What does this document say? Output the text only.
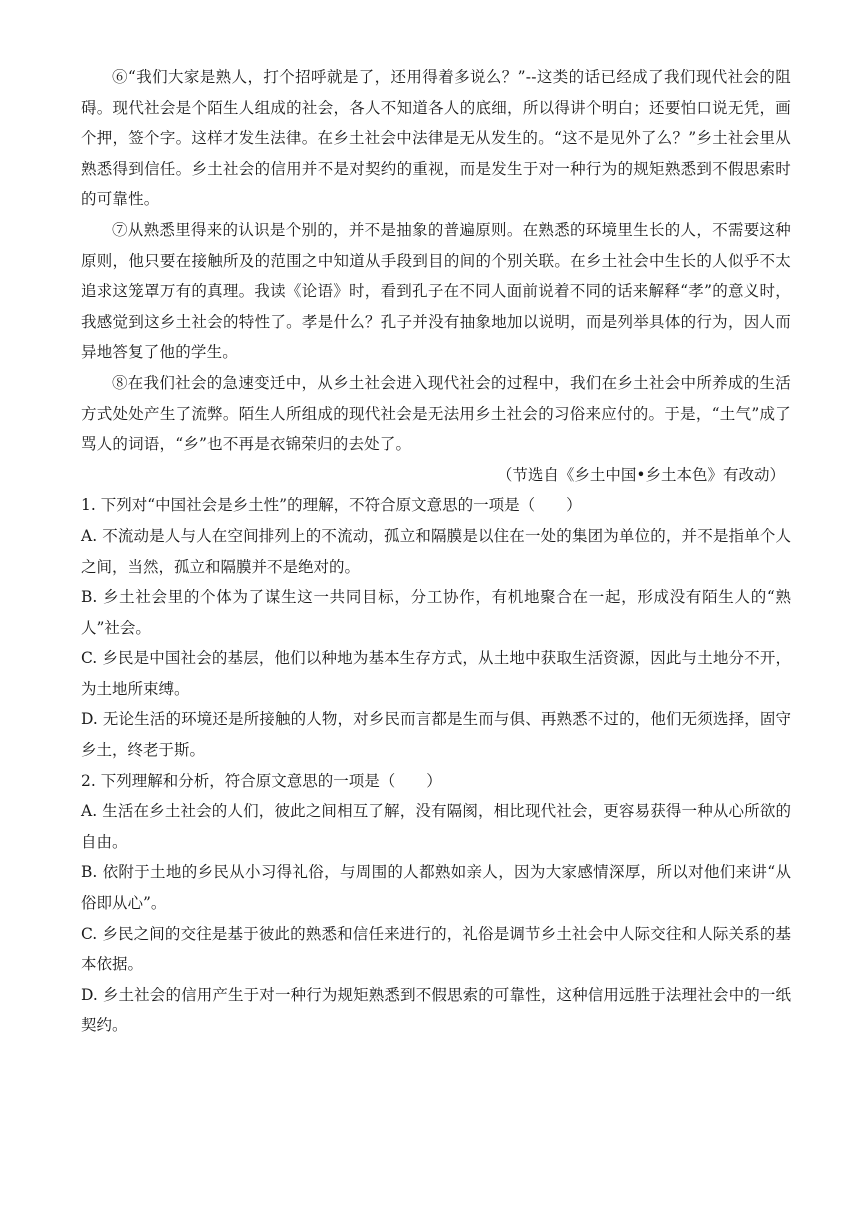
⑥“我们大家是熟人，打个招呼就是了，还用得着多说么？”--这类的话已经成了我们现代社会的阻碍。现代社会是个陌生人组成的社会，各人不知道各人的底细，所以得讲个明白；还要怕口说无凭，画个押，签个字。这样才发生法律。在乡土社会中法律是无从发生的。“这不是见外了么？”乡土社会里从熟悉得到信任。乡土社会的信用并不是对契约的重视，而是发生于对一种行为的规矩熟悉到不假思索时的可靠性。

⑦从熟悉里得来的认识是个别的，并不是抽象的普遍原则。在熟悉的环境里生长的人，不需要这种原则，他只要在接触所及的范围之中知道从手段到目的间的个别关联。在乡土社会中生长的人似乎不太追求这笼罩万有的真理。我读《论语》时，看到孔子在不同人面前说着不同的话来解释“孝”的意义时，我感觉到这乡土社会的特性了。孝是什么？孔子并没有抽象地加以说明，而是列举具体的行为，因人而异地答复了他的学生。

⑧在我们社会的急速变迁中，从乡土社会进入现代社会的过程中，我们在乡土社会中所养成的生活方式处处产生了流弊。陌生人所组成的现代社会是无法用乡土社会的习俗来应付的。于是，“土气”成了骂人的词语，“乡”也不再是衣锦荣归的去处了。

（节选自《乡土中国•乡土本色》有改动）

1. 下列对“中国社会是乡土性”的理解，不符合原文意思的一项是（　　）

A. 不流动是人与人在空间排列上的不流动，孤立和隔膜是以住在一处的集团为单位的，并不是指单个人之间，当然，孤立和隔膜并不是绝对的。

B. 乡土社会里的个体为了谋生这一共同目标，分工协作，有机地聚合在一起，形成没有陌生人的“熟人”社会。

C. 乡民是中国社会的基层，他们以种地为基本生存方式，从土地中获取生活资源，因此与土地分不开，为土地所束缚。

D. 无论生活的环境还是所接触的人物，对乡民而言都是生而与俱、再熟悉不过的，他们无须选择，固守乡土，终老于斯。

2. 下列理解和分析，符合原文意思的一项是（　　）

A. 生活在乡土社会的人们，彼此之间相互了解，没有隔阂，相比现代社会，更容易获得一种从心所欲的自由。

B. 依附于土地的乡民从小习得礼俗，与周围的人都熟如亲人，因为大家感情深厚，所以对他们来讲“从俗即从心”。

C. 乡民之间的交往是基于彼此的熟悉和信任来进行的，礼俗是调节乡土社会中人际交往和人际关系的基本依据。

D. 乡土社会的信用产生于对一种行为规矩熟悉到不假思索的可靠性，这种信用远胜于法理社会中的一纸契约。
